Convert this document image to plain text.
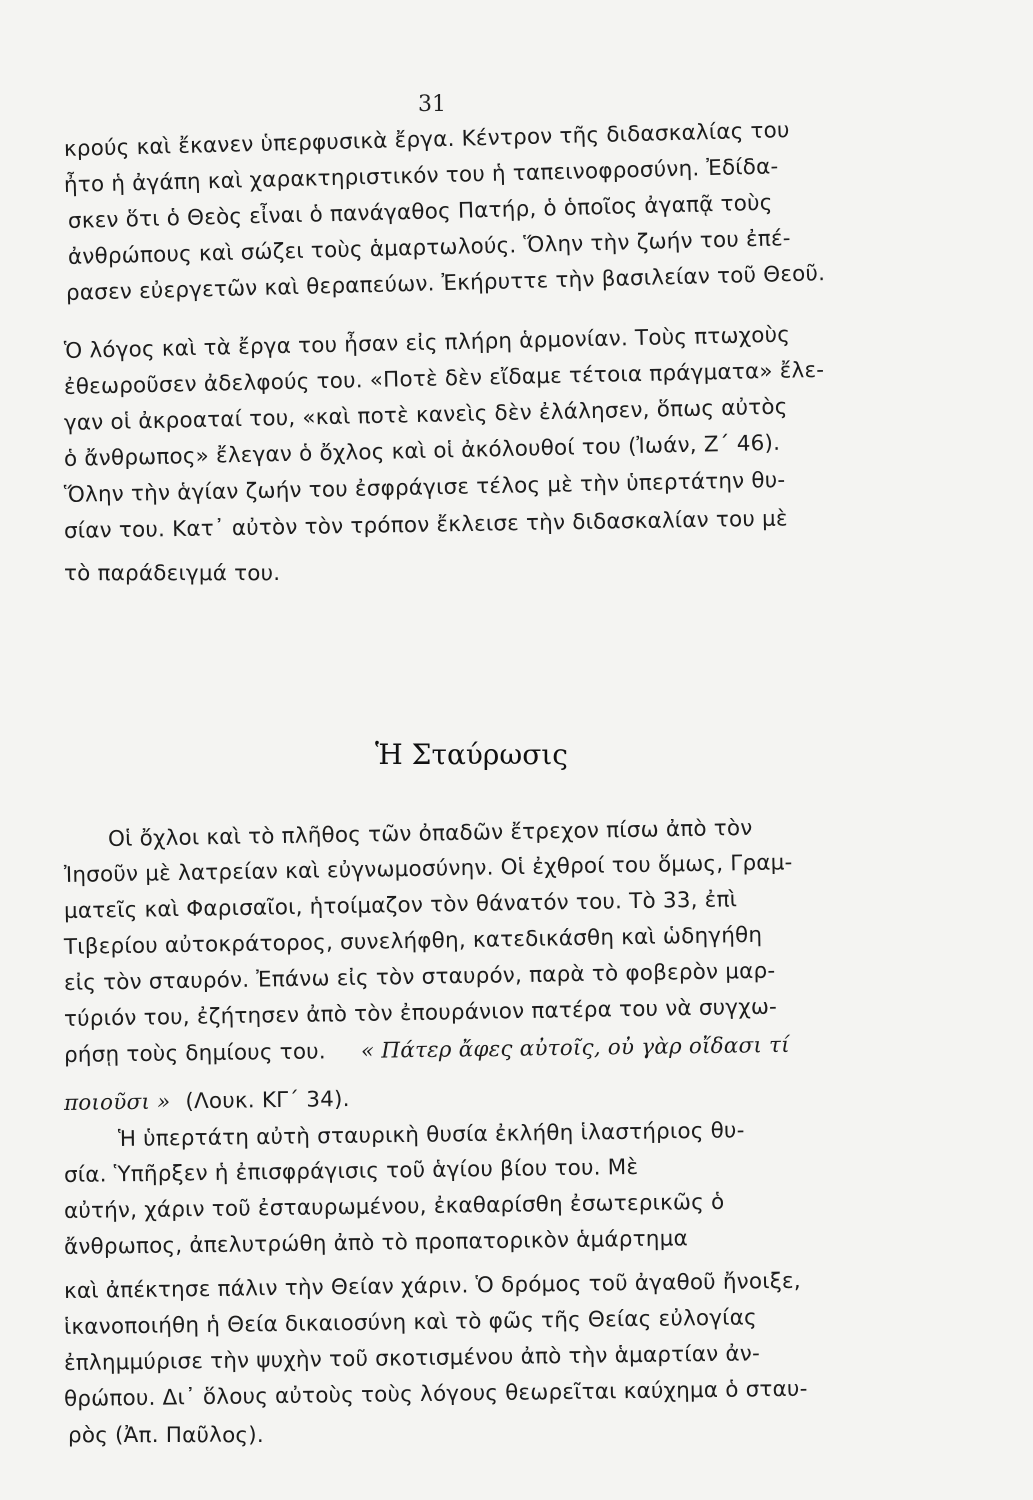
31
κρούς καὶ ἔκανεν ὑπερφυσικὰ ἔργα. Κέντρον τῆς διδασκαλίας του
ἦτο ἡ ἀγάπη καὶ χαρακτηριστικόν του ἡ ταπεινοφροσύνη. Ἐδίδα-
σκεν ὅτι ὁ Θεὸς εἶναι ὁ πανάγαθος Πατήρ, ὁ ὁποῖος ἀγαπᾷ τοὺς
ἀνθρώπους καὶ σώζει τοὺς ἁμαρτωλούς. Ὅλην τὴν ζωήν του ἐπέ-
ρασεν εὐεργετῶν καὶ θεραπεύων. Ἐκήρυττε τὴν βασιλείαν τοῦ Θεοῦ.
Ὁ λόγος καὶ τὰ ἔργα του ἦσαν εἰς πλήρη ἁρμονίαν. Τοὺς πτωχοὺς
ἐθεωροῦσεν ἀδελφούς του. «Ποτὲ δὲν εἴδαμε τέτοια πράγματα» ἔλε-
γαν οἱ ἀκροαταί του, «καὶ ποτὲ κανεὶς δὲν ἐλάλησεν, ὅπως αὐτὸς
ὁ ἄνθρωπος» ἔλεγαν ὁ ὄχλος καὶ οἱ ἀκόλουθοί του (Ἰωάν, Ζ΄ 46).
Ὅλην τὴν ἁγίαν ζωήν του ἐσφράγισε τέλος μὲ τὴν ὑπερτάτην θυ-
σίαν του. Κατ᾿ αὐτὸν τὸν τρόπον ἔκλεισε τὴν διδασκαλίαν του μὲ
τὸ παράδειγμά του.
Ἡ Σταύρωσις
Οἱ ὄχλοι καὶ τὸ πλῆθος τῶν ὀπαδῶν ἔτρεχον πίσω ἀπὸ τὸν
Ἰησοῦν μὲ λατρείαν καὶ εὐγνωμοσύνην. Οἱ ἐχθροί του ὅμως, Γραμ-
ματεῖς καὶ Φαρισαῖοι, ἡτοίμαζον τὸν θάνατόν του. Τὸ 33, ἐπὶ
Τιβερίου αὐτοκράτορος, συνελήφθη, κατεδικάσθη καὶ ὡδηγήθη
εἰς τὸν σταυρόν. Ἐπάνω εἰς τὸν σταυρόν, παρὰ τὸ φοβερὸν μαρ-
τύριόν του, ἐζήτησεν ἀπὸ τὸν ἐπουράνιον πατέρα του νὰ συγχω-
ρήσῃ τοὺς δημίους του. « Πάτερ ἄφες αὐτοῖς, οὐ γὰρ οἴδασι τί
ποιοῦσι » (Λουκ. ΚΓ΄ 34).
Ἡ ὑπερτάτη αὐτὴ σταυρικὴ θυσία ἐκλήθη ἱλαστήριος θυ-
σία. Ὑπῆρξεν ἡ ἐπισφράγισις τοῦ ἁγίου βίου του. Μὲ
αὐτήν, χάριν τοῦ ἐσταυρωμένου, ἐκαθαρίσθη ἐσωτερικῶς ὁ
ἄνθρωπος, ἀπελυτρώθη ἀπὸ τὸ προπατορικὸν ἁμάρτημα
καὶ ἀπέκτησε πάλιν τὴν Θείαν χάριν. Ὁ δρόμος τοῦ ἀγαθοῦ ἤνοιξε,
ἱκανοποιήθη ἡ Θεία δικαιοσύνη καὶ τὸ φῶς τῆς Θείας εὐλογίας
ἐπλημμύρισε τὴν ψυχὴν τοῦ σκοτισμένου ἀπὸ τὴν ἁμαρτίαν ἀν-
θρώπου. Δι᾿ ὅλους αὐτοὺς τοὺς λόγους θεωρεῖται καύχημα ὁ σταυ-
ρὸς (Ἀπ. Παῦλος).
